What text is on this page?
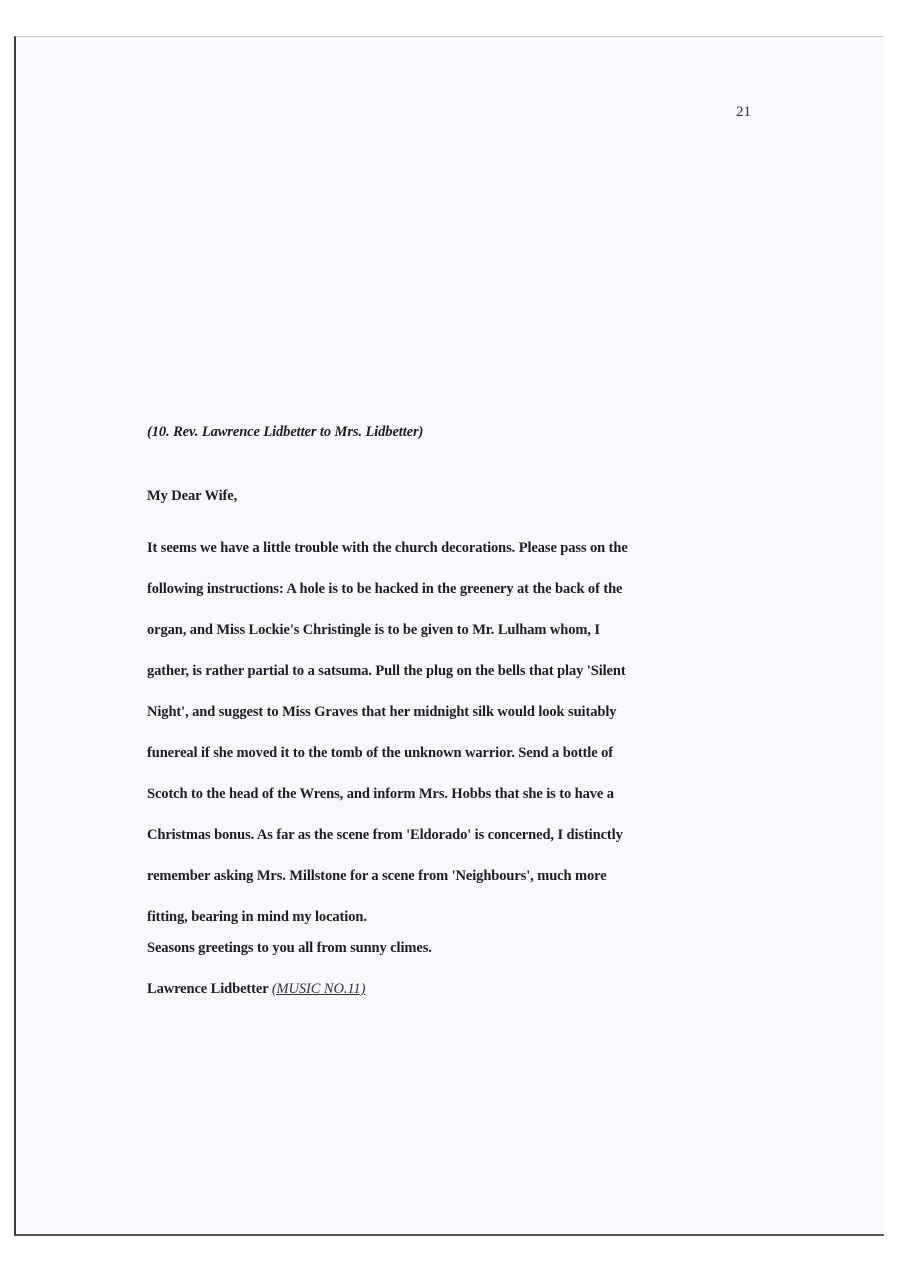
21
(10. Rev. Lawrence Lidbetter to Mrs. Lidbetter)
My Dear Wife,
It seems we have a little trouble with the church decorations. Please pass on the
following instructions: A hole is to be hacked in the greenery at the back of the
organ, and Miss Lockie's Christingle is to be given to Mr. Lulham whom, I
gather, is rather partial to a satsuma. Pull the plug on the bells that play 'Silent
Night', and suggest to Miss Graves that her midnight silk would look suitably
funereal if she moved it to the tomb of the unknown warrior. Send a bottle of
Scotch to the head of the Wrens, and inform Mrs. Hobbs that she is to have a
Christmas bonus. As far as the scene from 'Eldorado' is concerned, I distinctly
remember asking Mrs. Millstone for a scene from 'Neighbours', much more
fitting, bearing in mind my location.
Seasons greetings to you all from sunny climes.
Lawrence Lidbetter (MUSIC NO.11)
